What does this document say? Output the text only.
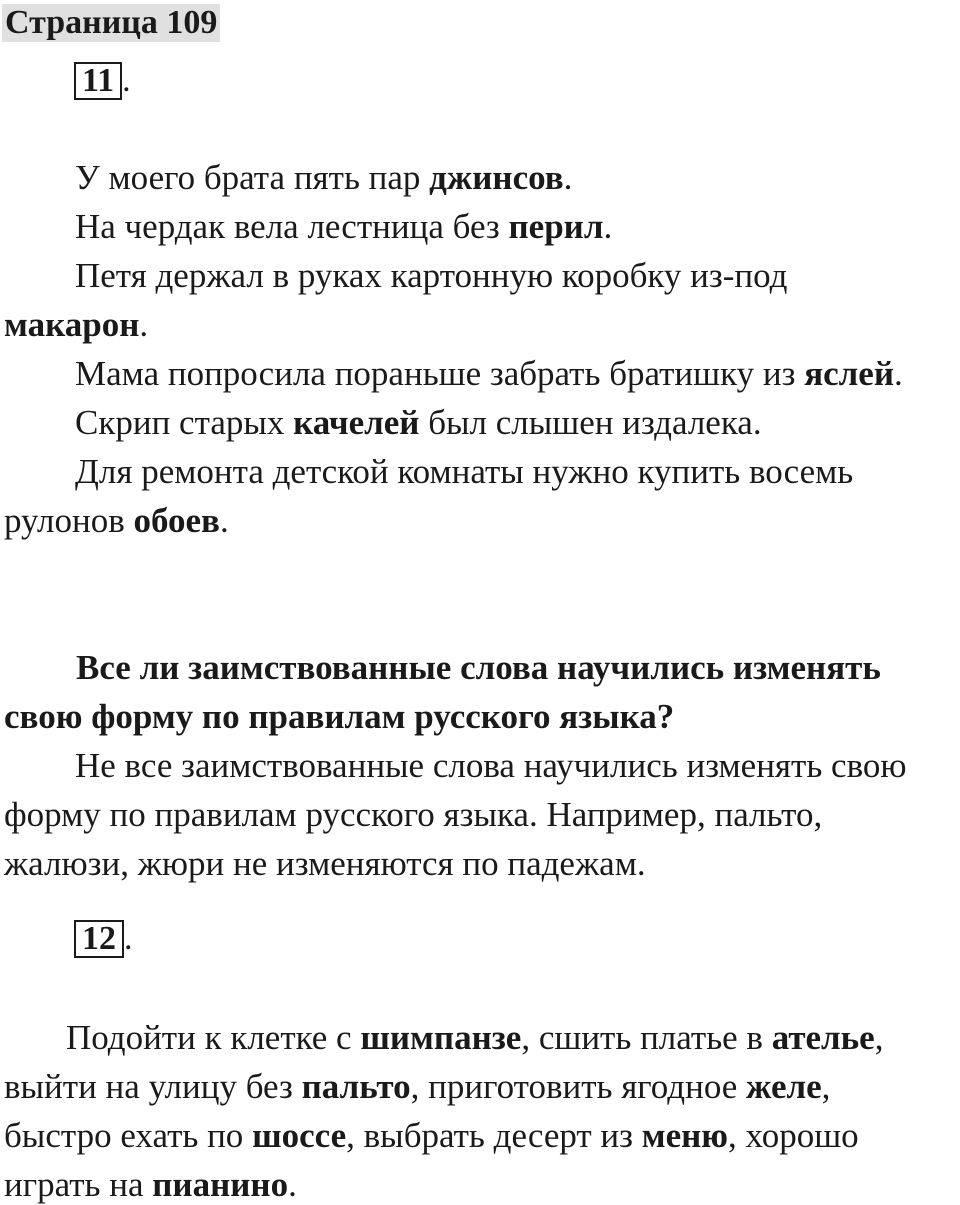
Страница 109
11 .
У моего брата пять пар джинсов.
На чердак вела лестница без перил.
Петя держал в руках картонную коробку из-под
макарон.
Мама попросила пораньше забрать братишку из яслей.
Скрип старых качелей был слышен издалека.
Для ремонта детской комнаты нужно купить восемь
рулонов обоев.
Все ли заимствованные слова научились изменять
свою форму по правилам русского языка?
Не все заимствованные слова научились изменять свою
форму по правилам русского языка. Например, пальто,
жалюзи, жюри не изменяются по падежам.
12 .
Подойти к клетке с шимпанзе, сшить платье в ателье,
выйти на улицу без пальто, приготовить ягодное желе,
быстро ехать по шоссе, выбрать десерт из меню, хорошо
играть на пианино.
